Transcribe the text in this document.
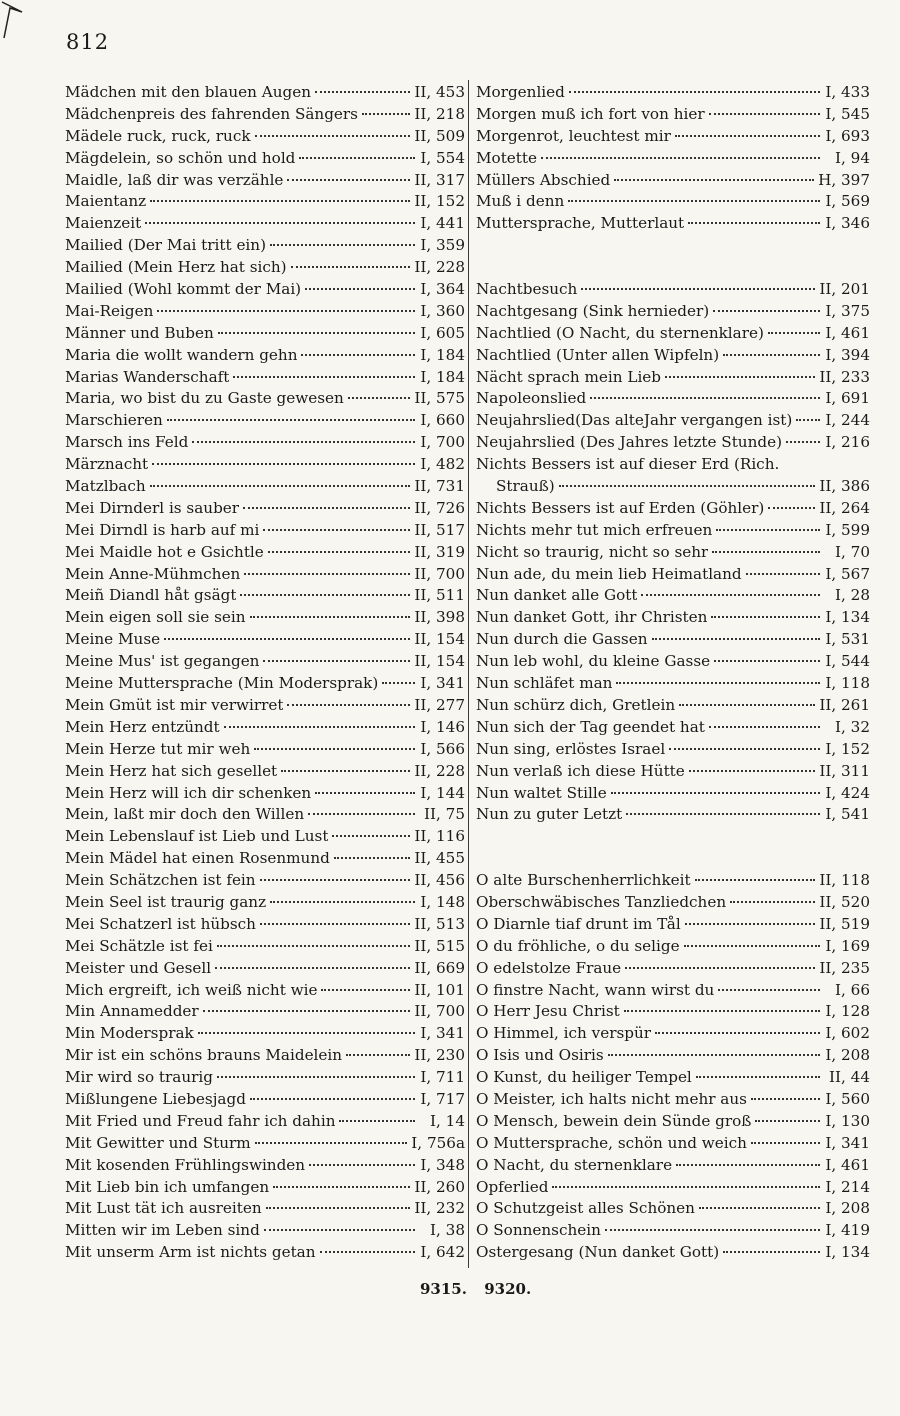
812
Mädchen mit den blauen Augen	II, 453
Mädchenpreis des fahrenden Sängers	II, 218
Mädele ruck, ruck, ruck	II, 509
Mägdelein, so schön und hold	I, 554
Maidle, laß dir was verzähle	II, 317
Maientanz	II, 152
Maienzeit	I, 441
Mailied (Der Mai tritt ein)	I, 359
Mailied (Mein Herz hat sich)	II, 228
Mailied (Wohl kommt der Mai)	I, 364
Mai-Reigen	I, 360
Männer und Buben	I, 605
Maria die wollt wandern gehn	I, 184
Marias Wanderschaft	I, 184
Maria, wo bist du zu Gaste gewesen	II, 575
Marschieren	I, 660
Marsch ins Feld	I, 700
Märznacht	I, 482
Matzlbach	II, 731
Mei Dirnderl is sauber	II, 726
Mei Dirndl is harb auf mi	II, 517
Mei Maidle hot e Gsichtle	II, 319
Mein Anne-Mühmchen	II, 700
Meiñ Diandl håt gsägt	II, 511
Mein eigen soll sie sein	II, 398
Meine Muse	II, 154
Meine Mus' ist gegangen	II, 154
Meine Muttersprache (Min Modersprak)	I, 341
Mein Gmüt ist mir verwirret	II, 277
Mein Herz entzündt	I, 146
Mein Herze tut mir weh	I, 566
Mein Herz hat sich gesellet	II, 228
Mein Herz will ich dir schenken	I, 144
Mein, laßt mir doch den Willen	II, 75
Mein Lebenslauf ist Lieb und Lust	II, 116
Mein Mädel hat einen Rosenmund	II, 455
Mein Schätzchen ist fein	II, 456
Mein Seel ist traurig ganz	I, 148
Mei Schatzerl ist hübsch	II, 513
Mei Schätzle ist fei	II, 515
Meister und Gesell	II, 669
Mich ergreift, ich weiß nicht wie	II, 101
Min Annamedder	II, 700
Min Modersprak	I, 341
Mir ist ein schöns brauns Maidelein	II, 230
Mir wird so traurig	I, 711
Mißlungene Liebesjagd	I, 717
Mit Fried und Freud fahr ich dahin	I, 14
Mit Gewitter und Sturm	I, 756a
Mit kosenden Frühlingswinden	I, 348
Mit Lieb bin ich umfangen	II, 260
Mit Lust tät ich ausreiten	II, 232
Mitten wir im Leben sind	I, 38
Mit unserm Arm ist nichts getan	I, 642
Morgenlied	I, 433
Morgen muß ich fort von hier	I, 545
Morgenrot, leuchtest mir	I, 693
Motette	I, 94
Müllers Abschied	H, 397
Muß i denn	I, 569
Muttersprache, Mutterlaut	I, 346
Nachtbesuch	II, 201
Nachtgesang (Sink hernieder)	I, 375
Nachtlied (O Nacht, du sternenklare)	I, 461
Nachtlied (Unter allen Wipfeln)	I, 394
Nächt sprach mein Lieb	II, 233
Napoleonslied	I, 691
Neujahrslied(Das alteJahr vergangen ist) I, 244
Neujahrslied (Des Jahres letzte Stunde)	I, 216
Nichts Bessers ist auf dieser Erd (Rich.
Strauß)	II, 386
Nichts Bessers ist auf Erden (Göhler)	II, 264
Nichts mehr tut mich erfreuen	I, 599
Nicht so traurig, nicht so sehr	I, 70
Nun ade, du mein lieb Heimatland	I, 567
Nun danket alle Gott	I, 28
Nun danket Gott, ihr Christen	I, 134
Nun durch die Gassen	I, 531
Nun leb wohl, du kleine Gasse	I, 544
Nun schläfet man	I, 118
Nun schürz dich, Gretlein	II, 261
Nun sich der Tag geendet hat	I, 32
Nun sing, erlöstes Israel	I, 152
Nun verlaß ich diese Hütte	II, 311
Nun waltet Stille	I, 424
Nun zu guter Letzt	I, 541
O alte Burschenherrlichkeit	II, 118
Oberschwäbisches Tanzliedchen	II, 520
O Diarnle tiaf drunt im Tål	II, 519
O du fröhliche, o du selige	I, 169
O edelstolze Fraue	II, 235
O finstre Nacht, wann wirst du	I, 66
O Herr Jesu Christ	I, 128
O Himmel, ich verspür	I, 602
O Isis und Osiris	I, 208
O Kunst, du heiliger Tempel	II, 44
O Meister, ich halts nicht mehr aus	I, 560
O Mensch, bewein dein Sünde groß	I, 130
O Muttersprache, schön und weich	I, 341
O Nacht, du sternenklare	I, 461
Opferlied	I, 214
O Schutzgeist alles Schönen	I, 208
O Sonnenschein	I, 419
Ostergesang (Nun danket Gott)	I, 134
9315. 9320.
